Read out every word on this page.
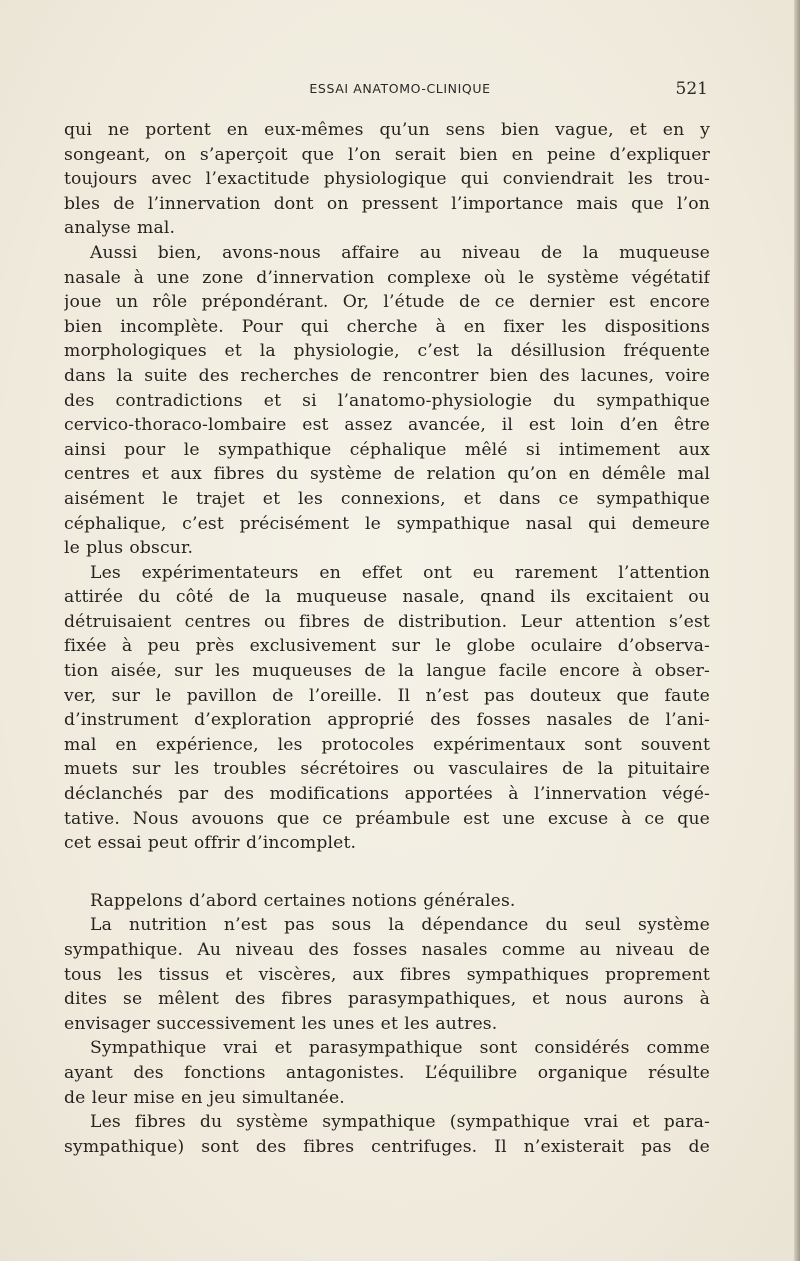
ESSAI ANATOMO-CLINIQUE	521
qui ne portent en eux-mêmes qu’un sens bien vague, et en y
songeant, on s’aperçoit que l’on serait bien en peine d’expliquer
toujours avec l’exactitude physiologique qui conviendrait les trou-
bles de l’innervation dont on pressent l’importance mais que l’on
analyse mal.
Aussi bien, avons-nous affaire au niveau de la muqueuse
nasale à une zone d’innervation complexe où le système végétatif
joue un rôle prépondérant. Or, l’étude de ce dernier est encore
bien incomplète. Pour qui cherche à en fixer les dispositions
morphologiques et la physiologie, c’est la désillusion fréquente
dans la suite des recherches de rencontrer bien des lacunes, voire
des contradictions et si l’anatomo-physiologie du sympathique
cervico-thoraco-lombaire est assez avancée, il est loin d’en être
ainsi pour le sympathique céphalique mêlé si intimement aux
centres et aux fibres du système de relation qu’on en démêle mal
aisément le trajet et les connexions, et dans ce sympathique
céphalique, c’est précisément le sympathique nasal qui demeure
le plus obscur.
Les expérimentateurs en effet ont eu rarement l’attention
attirée du côté de la muqueuse nasale, qnand ils excitaient ou
détruisaient centres ou fibres de distribution. Leur attention s’est
fixée à peu près exclusivement sur le globe oculaire d’observa-
tion aisée, sur les muqueuses de la langue facile encore à obser-
ver, sur le pavillon de l’oreille. Il n’est pas douteux que faute
d’instrument d’exploration approprié des fosses nasales de l’ani-
mal en expérience, les protocoles expérimentaux sont souvent
muets sur les troubles sécrétoires ou vasculaires de la pituitaire
déclanchés par des modifications apportées à l’innervation végé-
tative. Nous avouons que ce préambule est une excuse à ce que
cet essai peut offrir d’incomplet.
Rappelons d’abord certaines notions générales.
La nutrition n’est pas sous la dépendance du seul système
sympathique. Au niveau des fosses nasales comme au niveau de
tous les tissus et viscères, aux fibres sympathiques proprement
dites se mêlent des fibres parasympathiques, et nous aurons à
envisager successivement les unes et les autres.
Sympathique vrai et parasympathique sont considérés comme
ayant des fonctions antagonistes. L’équilibre organique résulte
de leur mise en jeu simultanée.
Les fibres du système sympathique (sympathique vrai et para-
sympathique) sont des fibres centrifuges. Il n’existerait pas de
